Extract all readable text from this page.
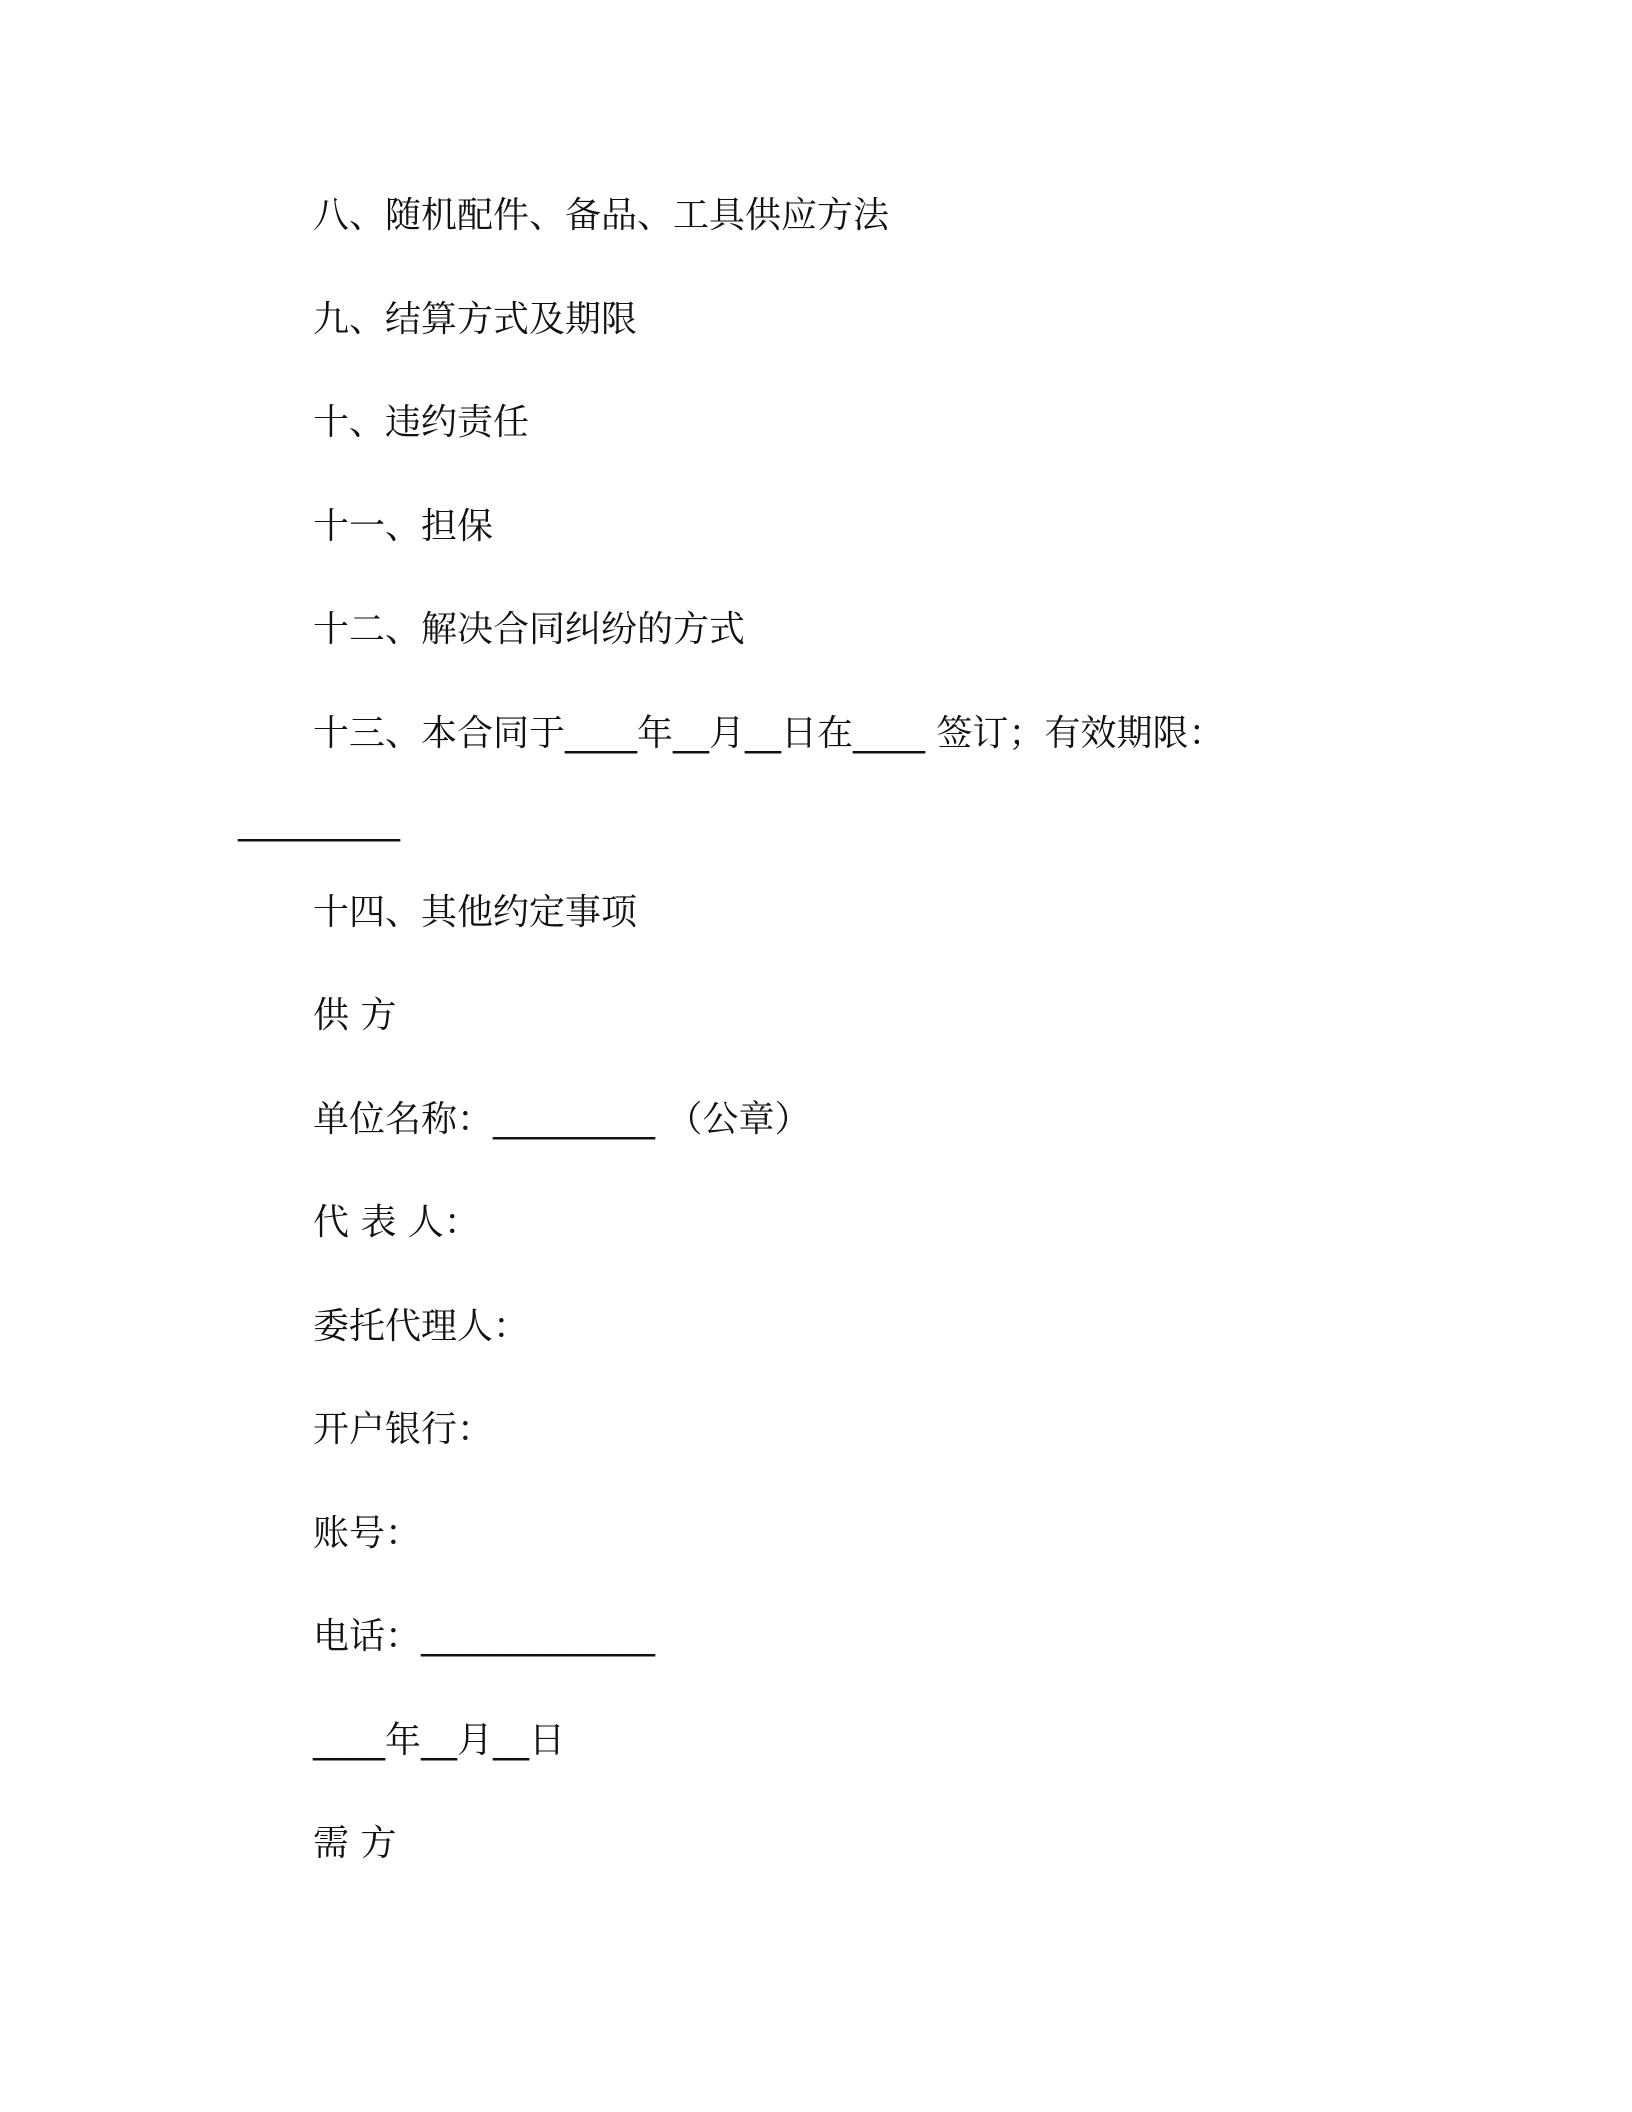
八、随机配件、备品、工具供应方法
九、结算方式及期限
十、违约责任
十一、担保
十二、解决合同纠纷的方式
十三、本合同于____年__月__日在____ 签订；有效期限：
_________
十四、其他约定事项
供 方
单位名称：_________ （公章）
代 表 人：
委托代理人：
开户银行：
账号：
电话：_____________
____年__月__日
需 方
